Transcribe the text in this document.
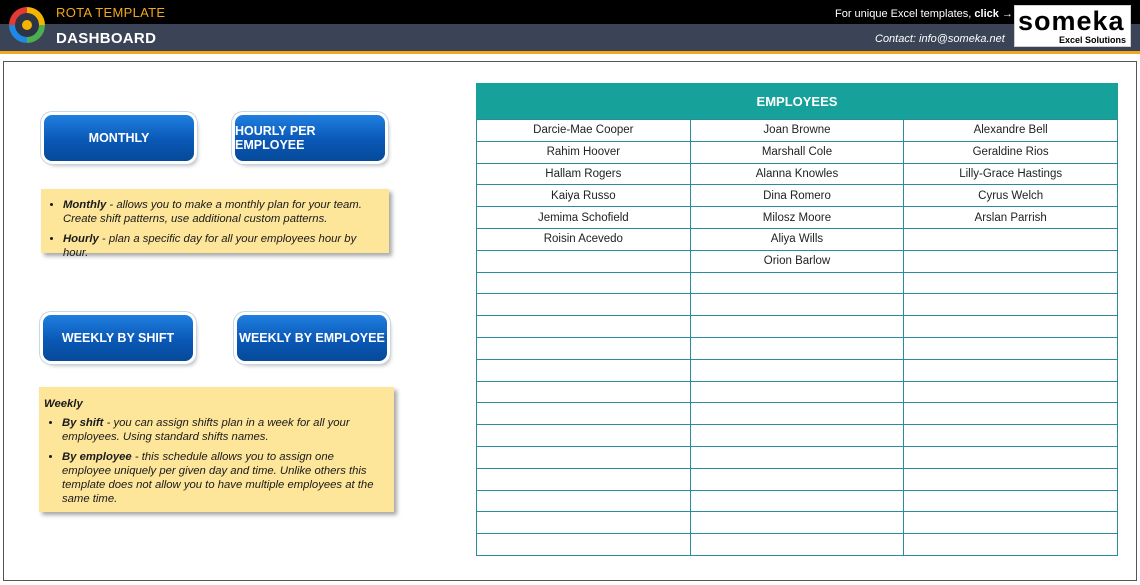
ROTA TEMPLATE
DASHBOARD
For unique Excel templates, click →
Contact: info@someka.net
someka
Excel Solutions
MONTHLY	HOURLY PER EMPLOYEE
WEEKLY BY SHIFT	WEEKLY BY EMPLOYEE
• Monthly - allows you to make a monthly plan for your team. Create shift patterns, use additional custom patterns.
• Hourly - plan a specific day for all your employees hour by hour.
Weekly
• By shift - you can assign shifts plan in a week for all your employees. Using standard shifts names.
• By employee - this schedule allows you to assign one employee uniquely per given day and time. Unlike others this template does not allow you to have multiple employees at the same time.
EMPLOYEES
Darcie-Mae Cooper	Joan Browne	Alexandre Bell
Rahim Hoover	Marshall Cole	Geraldine Rios
Hallam Rogers	Alanna Knowles	Lilly-Grace Hastings
Kaiya Russo	Dina Romero	Cyrus Welch
Jemima Schofield	Milosz Moore	Arslan Parrish
Roisin Acevedo	Aliya Wills	
	Orion Barlow	
